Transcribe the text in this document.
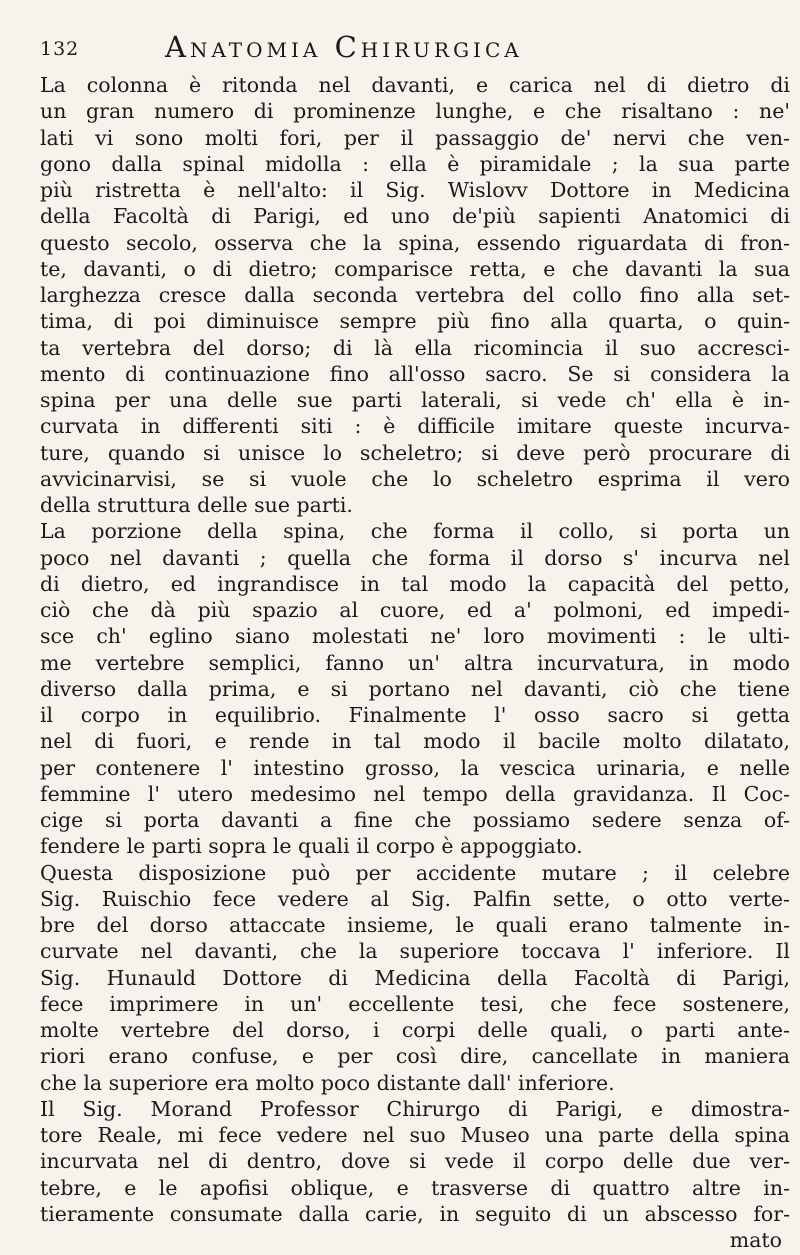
132	Anatomia Chirurgica
La colonna è ritonda nel davanti, e carica nel di dietro di
un gran numero di prominenze lunghe, e che risaltano : ne'
lati vi sono molti fori, per il passaggio de' nervi che ven-
gono dalla spinal midolla : ella è piramidale ; la sua parte
più ristretta è nell'alto: il Sig. Wislovv Dottore in Medicina
della Facoltà di Parigi, ed uno de'più sapienti Anatomici di
questo secolo, osserva che la spina, essendo riguardata di fron-
te, davanti, o di dietro; comparisce retta, e che davanti la sua
larghezza cresce dalla seconda vertebra del collo fino alla set-
tima, di poi diminuisce sempre più fino alla quarta, o quin-
ta vertebra del dorso; di là ella ricomincia il suo accresci-
mento di continuazione fino all'osso sacro. Se si considera la
spina per una delle sue parti laterali, si vede ch' ella è in-
curvata in differenti siti : è difficile imitare queste incurva-
ture, quando si unisce lo scheletro; si deve però procurare di
avvicinarvisi, se si vuole che lo scheletro esprima il vero
della struttura delle sue parti.
La porzione della spina, che forma il collo, si porta un
poco nel davanti ; quella che forma il dorso s' incurva nel
di dietro, ed ingrandisce in tal modo la capacità del petto,
ciò che dà più spazio al cuore, ed a' polmoni, ed impedi-
sce ch' eglino siano molestati ne' loro movimenti : le ulti-
me vertebre semplici, fanno un' altra incurvatura, in modo
diverso dalla prima, e si portano nel davanti, ciò che tiene
il corpo in equilibrio. Finalmente l' osso sacro si getta
nel di fuori, e rende in tal modo il bacile molto dilatato,
per contenere l' intestino grosso, la vescica urinaria, e nelle
femmine l' utero medesimo nel tempo della gravidanza. Il Coc-
cige si porta davanti a fine che possiamo sedere senza of-
fendere le parti sopra le quali il corpo è appoggiato.
Questa disposizione può per accidente mutare ; il celebre
Sig. Ruischio fece vedere al Sig. Palfin sette, o otto verte-
bre del dorso attaccate insieme, le quali erano talmente in-
curvate nel davanti, che la superiore toccava l' inferiore. Il
Sig. Hunauld Dottore di Medicina della Facoltà di Parigi,
fece imprimere in un' eccellente tesi, che fece sostenere,
molte vertebre del dorso, i corpi delle quali, o parti ante-
riori erano confuse, e per così dire, cancellate in maniera
che la superiore era molto poco distante dall' inferiore.
Il Sig. Morand Professor Chirurgo di Parigi, e dimostra-
tore Reale, mi fece vedere nel suo Museo una parte della spina
incurvata nel di dentro, dove si vede il corpo delle due ver-
tebre, e le apofisi oblique, e trasverse di quattro altre in-
tieramente consumate dalla carie, in seguito di un abscesso for-
mato
